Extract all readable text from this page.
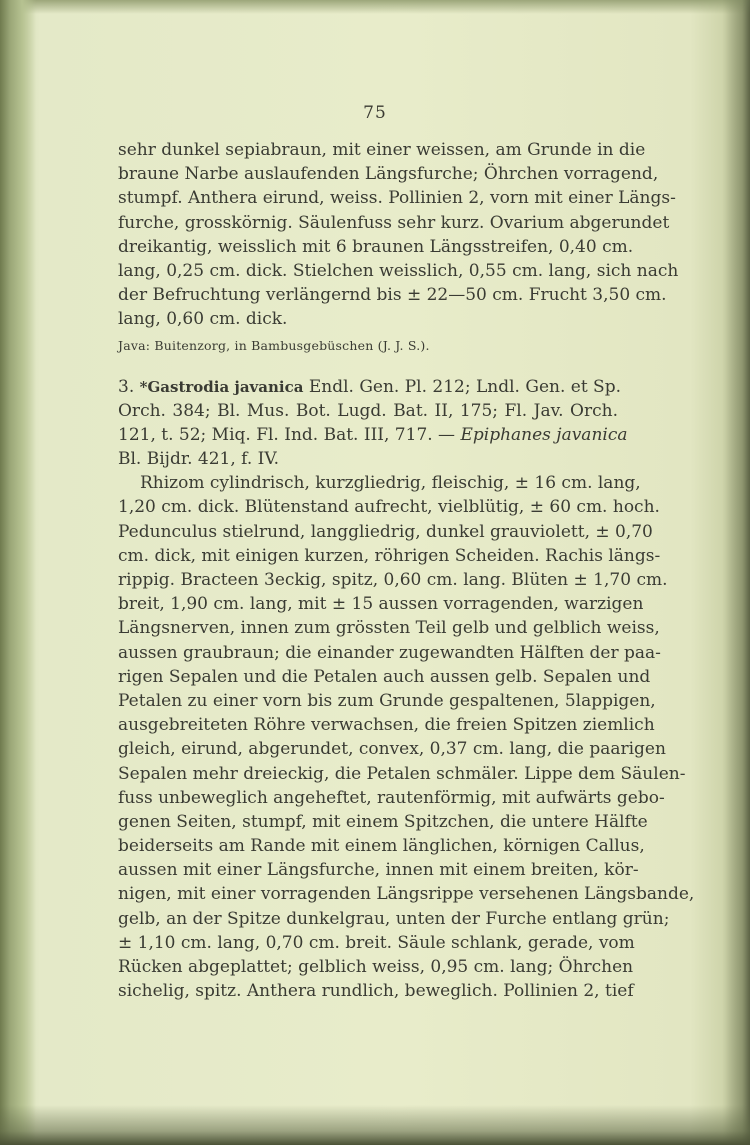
75
sehr dunkel sepiabraun, mit einer weissen, am Grunde in die
braune Narbe auslaufenden Längsfurche; Öhrchen vorragend,
stumpf. Anthera eirund, weiss. Pollinien 2, vorn mit einer Längs-
furche, grosskörnig. Säulenfuss sehr kurz. Ovarium abgerundet
dreikantig, weisslich mit 6 braunen Längsstreifen, 0,40 cm.
lang, 0,25 cm. dick. Stielchen weisslich, 0,55 cm. lang, sich nach
der Befruchtung verlängernd bis ± 22—50 cm. Frucht 3,50 cm.
lang, 0,60 cm. dick.
Java: Buitenzorg, in Bambusgebüschen (J. J. S.).
3. *Gastrodia javanica Endl. Gen. Pl. 212; Lndl. Gen. et Sp.
Orch. 384; Bl. Mus. Bot. Lugd. Bat. II, 175; Fl. Jav. Orch.
121, t. 52; Miq. Fl. Ind. Bat. III, 717. — Epiphanes javanica
Bl. Bijdr. 421, f. IV.
Rhizom cylindrisch, kurzgliedrig, fleischig, ± 16 cm. lang,
1,20 cm. dick. Blütenstand aufrecht, vielblütig, ± 60 cm. hoch.
Pedunculus stielrund, langgliedrig, dunkel grauviolett, ± 0,70
cm. dick, mit einigen kurzen, röhrigen Scheiden. Rachis längs-
rippig. Bracteen 3eckig, spitz, 0,60 cm. lang. Blüten ± 1,70 cm.
breit, 1,90 cm. lang, mit ± 15 aussen vorragenden, warzigen
Längsnerven, innen zum grössten Teil gelb und gelblich weiss,
aussen graubraun; die einander zugewandten Hälften der paa-
rigen Sepalen und die Petalen auch aussen gelb. Sepalen und
Petalen zu einer vorn bis zum Grunde gespaltenen, 5lappigen,
ausgebreiteten Röhre verwachsen, die freien Spitzen ziemlich
gleich, eirund, abgerundet, convex, 0,37 cm. lang, die paarigen
Sepalen mehr dreieckig, die Petalen schmäler. Lippe dem Säulen-
fuss unbeweglich angeheftet, rautenförmig, mit aufwärts gebo-
genen Seiten, stumpf, mit einem Spitzchen, die untere Hälfte
beiderseits am Rande mit einem länglichen, körnigen Callus,
aussen mit einer Längsfurche, innen mit einem breiten, kör-
nigen, mit einer vorragenden Längsrippe versehenen Längsbande,
gelb, an der Spitze dunkelgrau, unten der Furche entlang grün;
± 1,10 cm. lang, 0,70 cm. breit. Säule schlank, gerade, vom
Rücken abgeplattet; gelblich weiss, 0,95 cm. lang; Öhrchen
sichelig, spitz. Anthera rundlich, beweglich. Pollinien 2, tief
